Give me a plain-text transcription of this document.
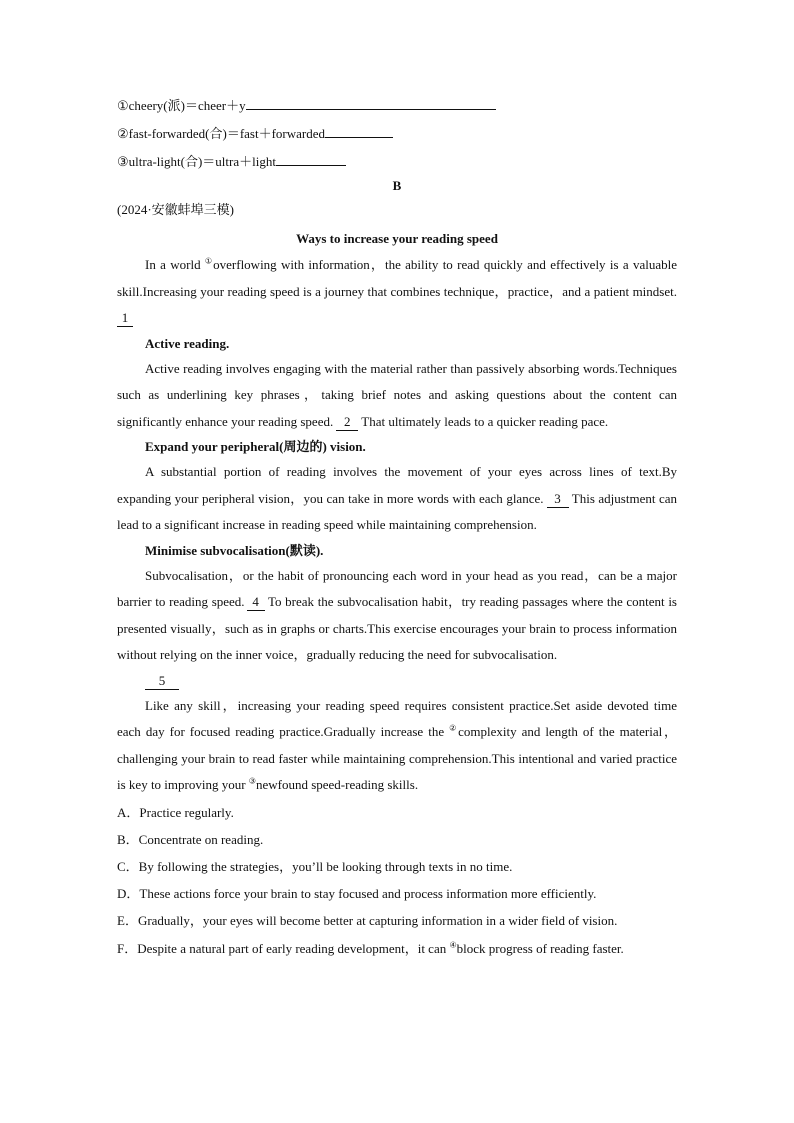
①cheery(派)＝cheer＋y
②fast-forwarded(合)＝fast＋forwarded
③ultra-light(合)＝ultra＋light
B
(2024·安徽蚌埠三模)
Ways to increase your reading speed

In a world ①overflowing with information，the ability to read quickly and effectively is a valuable skill.Increasing your reading speed is a journey that combines technique，practice，and a patient mindset.1

Active reading.

Active reading involves engaging with the material rather than passively absorbing words.Techniques such as underlining key phrases，taking brief notes and asking questions about the content can significantly enhance your reading speed. 2 That ultimately leads to a quicker reading pace.

Expand your peripheral(周边的) vision.

A substantial portion of reading involves the movement of your eyes across lines of text.By expanding your peripheral vision，you can take in more words with each glance. 3 This adjustment can lead to a significant increase in reading speed while maintaining comprehension.

Minimise subvocalisation(默读).

Subvocalisation，or the habit of pronouncing each word in your head as you read，can be a major barrier to reading speed. 4 To break the subvocalisation habit，try reading passages where the content is presented visually，such as in graphs or charts.This exercise encourages your brain to process information without relying on the inner voice，gradually reducing the need for subvocalisation.

5

Like any skill，increasing your reading speed requires consistent practice.Set aside devoted time each day for focused reading practice.Gradually increase the ②complexity and length of the material，challenging your brain to read faster while maintaining comprehension.This intentional and varied practice is key to improving your ③newfound speed-reading skills.

A．Practice regularly.
B．Concentrate on reading.
C．By following the strategies，you’ll be looking through texts in no time.
D．These actions force your brain to stay focused and process information more efficiently.
E．Gradually，your eyes will become better at capturing information in a wider field of vision.
F．Despite a natural part of early reading development，it can ④block progress of reading faster.
